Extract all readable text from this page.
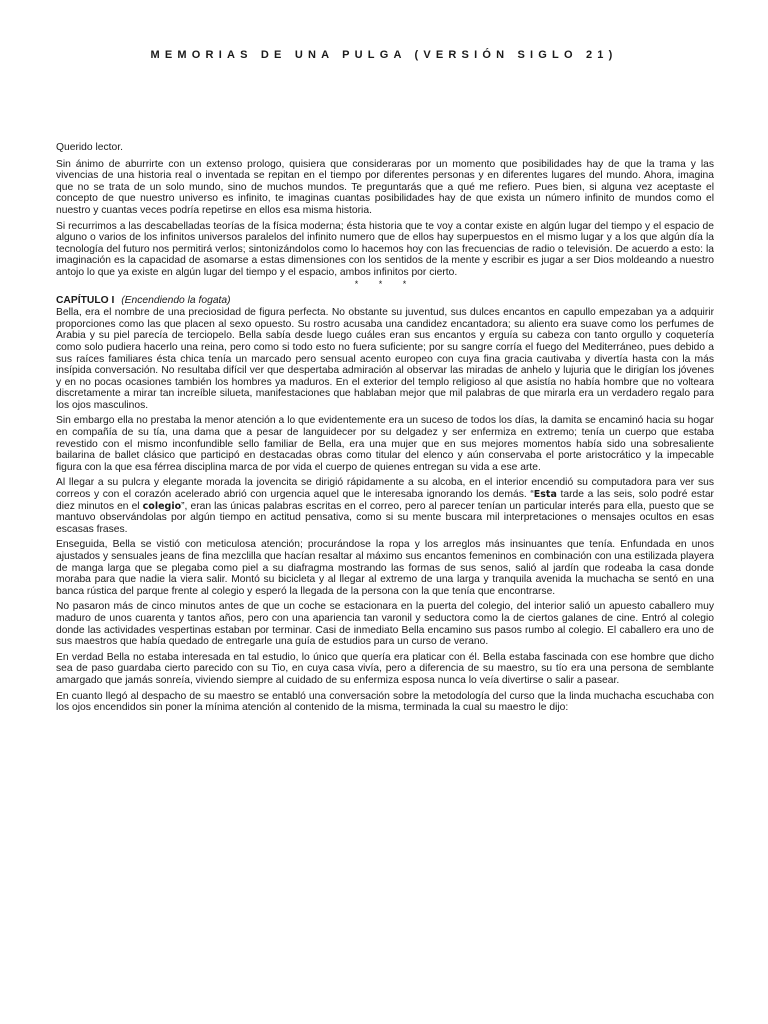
MEMORIAS DE UNA PULGA (VERSIÓN SIGLO 21)

Querido lector.

Sin ánimo de aburrirte con un extenso prologo, quisiera que consideraras por un momento que posibilidades hay de que la trama y las vivencias de una historia real o inventada se repitan en el tiempo por diferentes personas y en diferentes lugares del mundo. Ahora, imagina que no se trata de un solo mundo, sino de muchos mundos. Te preguntarás que a qué me refiero. Pues bien, si alguna vez aceptaste el concepto de que nuestro universo es infinito, te imaginas cuantas posibilidades hay de que exista un número infinito de mundos como el nuestro y cuantas veces podría repetirse en ellos esa misma historia.

Si recurrimos a las descabelladas teorías de la física moderna; ésta historia que te voy a contar existe en algún lugar del tiempo y el espacio de alguno o varios de los infinitos universos paralelos del infinito numero que de ellos hay superpuestos en el mismo lugar y a los que algún día la tecnología del futuro nos permitirá verlos; sintonizándolos como lo hacemos hoy con las frecuencias de radio o televisión. De acuerdo a esto: la imaginación es la capacidad de asomarse a estas dimensiones con los sentidos de la mente y escribir es jugar a ser Dios moldeando a nuestro antojo lo que ya existe en algún lugar del tiempo y el espacio, ambos infinitos por cierto.

* * *
CAPÍTULO I (Encendiendo la fogata)

Bella, era el nombre de una preciosidad de figura perfecta. No obstante su juventud, sus dulces encantos en capullo empezaban ya a adquirir proporciones como las que placen al sexo opuesto. Su rostro acusaba una candidez encantadora; su aliento era suave como los perfumes de Arabia y su piel parecía de terciopelo. Bella sabía desde luego cuáles eran sus encantos y erguía su cabeza con tanto orgullo y coquetería como solo pudiera hacerlo una reina, pero como si todo esto no fuera suficiente; por su sangre corría el fuego del Mediterráneo, pues debido a sus raíces familiares ésta chica tenía un marcado pero sensual acento europeo con cuya fina gracia cautivaba y divertía hasta con la más insípida conversación. No resultaba difícil ver que despertaba admiración al observar las miradas de anhelo y lujuria que le dirigían los jóvenes y en no pocas ocasiones también los hombres ya maduros. En el exterior del templo religioso al que asistía no había hombre que no volteara discretamente a mirar tan increíble silueta, manifestaciones que hablaban mejor que mil palabras de que mirarla era un verdadero regalo para los ojos masculinos.

Sin embargo ella no prestaba la menor atención a lo que evidentemente era un suceso de todos los días, la damita se encaminó hacia su hogar en compañía de su tía, una dama que a pesar de languidecer por su delgadez y ser enfermiza en extremo; tenía un cuerpo que estaba revestido con el mismo inconfundible sello familiar de Bella, era una mujer que en sus mejores momentos había sido una sobresaliente bailarina de ballet clásico que participó en destacadas obras como titular del elenco y aún conservaba el porte aristocrático y la impecable figura con la que esa férrea disciplina marca de por vida el cuerpo de quienes entregan su vida a ese arte.

Al llegar a su pulcra y elegante morada la jovencita se dirigió rápidamente a su alcoba, en el interior encendió su computadora para ver sus correos y con el corazón acelerado abrió con urgencia aquel que le interesaba ignorando los demás. “Esta tarde a las seis, solo podré estar diez minutos en el colegio”, eran las únicas palabras escritas en el correo, pero al parecer tenían un particular interés para ella, puesto que se mantuvo observándolas por algún tiempo en actitud pensativa, como si su mente buscara mil interpretaciones o mensajes ocultos en esas escasas frases.

Enseguida, Bella se vistió con meticulosa atención; procurándose la ropa y los arreglos más insinuantes que tenía. Enfundada en unos ajustados y sensuales jeans de fina mezclilla que hacían resaltar al máximo sus encantos femeninos en combinación con una estilizada playera de manga larga que se plegaba como piel a su diafragma mostrando las formas de sus senos, salió al jardín que rodeaba la casa donde moraba para que nadie la viera salir. Montó su bicicleta y al llegar al extremo de una larga y tranquila avenida la muchacha se sentó en una banca rústica del parque frente al colegio y esperó la llegada de la persona con la que tenía que encontrarse.

No pasaron más de cinco minutos antes de que un coche se estacionara en la puerta del colegio, del interior salió un apuesto caballero muy maduro de unos cuarenta y tantos años, pero con una apariencia tan varonil y seductora como la de ciertos galanes de cine. Entró al colegio donde las actividades vespertinas estaban por terminar. Casi de inmediato Bella encamino sus pasos rumbo al colegio. El caballero era uno de sus maestros que había quedado de entregarle una guía de estudios para un curso de verano.

En verdad Bella no estaba interesada en tal estudio, lo único que quería era platicar con él. Bella estaba fascinada con ese hombre que dicho sea de paso guardaba cierto parecido con su Tio, en cuya casa vivía, pero a diferencia de su maestro, su tío era una persona de semblante amargado que jamás sonreía, viviendo siempre al cuidado de su enfermiza esposa nunca lo veía divertirse o salir a pasear.

En cuanto llegó al despacho de su maestro se entabló una conversación sobre la metodología del curso que la linda muchacha escuchaba con los ojos encendidos sin poner la mínima atención al contenido de la misma, terminada la cual su maestro le dijo:
